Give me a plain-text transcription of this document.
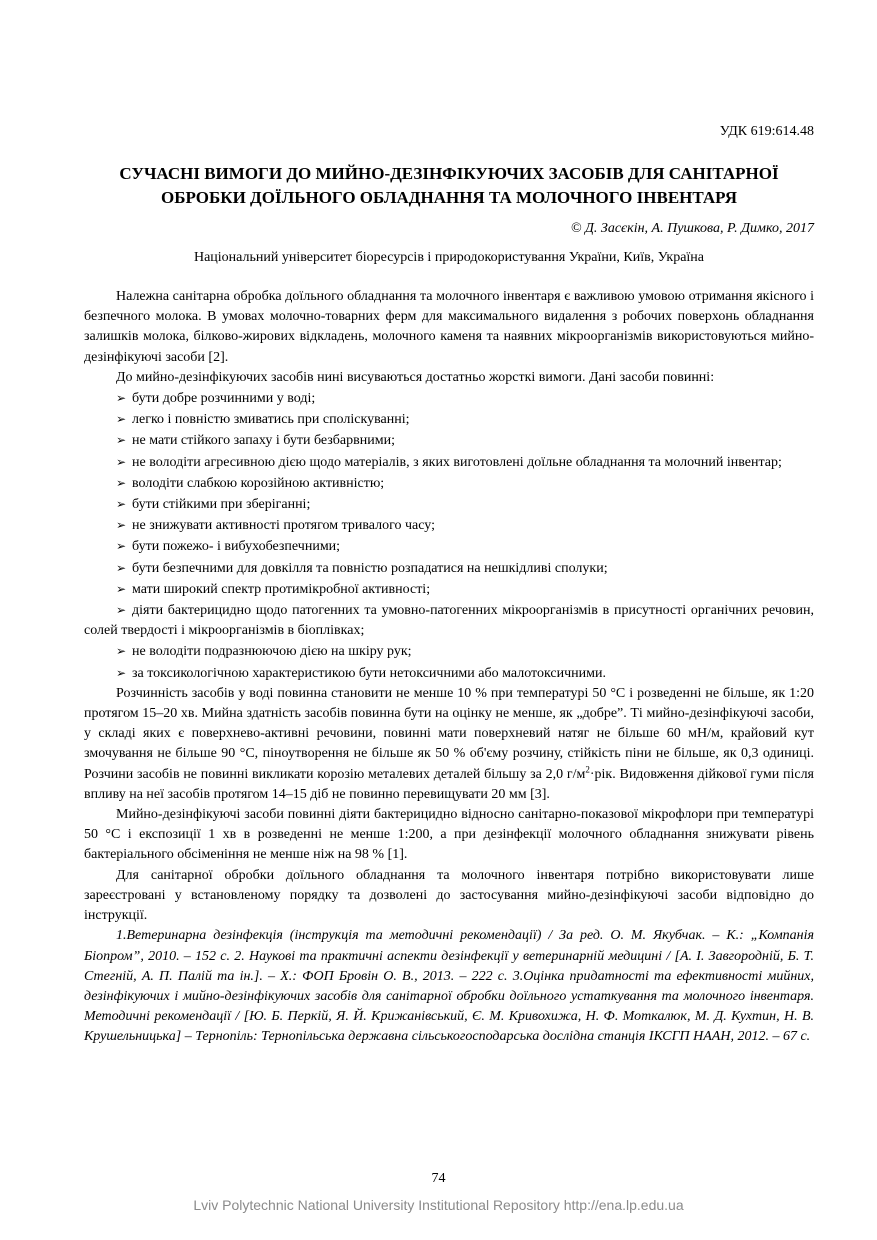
УДК 619:614.48
СУЧАСНІ ВИМОГИ ДО МИЙНО-ДЕЗІНФІКУЮЧИХ ЗАСОБІВ ДЛЯ САНІТАРНОЇ
ОБРОБКИ ДОЇЛЬНОГО ОБЛАДНАННЯ ТА МОЛОЧНОГО ІНВЕНТАРЯ
© Д. Засєкін, А. Пушкова, Р. Димко, 2017
Національний університет біоресурсів і природокористування України, Київ, Україна

Належна санітарна обробка доїльного обладнання та молочного інвентаря є важливою умовою отримання якісного і безпечного молока. В умовах молочно-товарних ферм для максимального видалення з робочих поверхонь обладнання залишків молока, білково-жирових відкладень, молочного каменя та наявних мікроорганізмів використовуються мийно-дезінфікуючі засоби [2].

До мийно-дезінфікуючих засобів нині висуваються достатньо жорсткі вимоги. Дані засоби повинні:

➢ бути добре розчинними у воді;
➢ легко і повністю змиватись при споліскуванні;
➢ не мати стійкого запаху і бути безбарвними;
➢ не володіти агресивною дією щодо матеріалів, з яких виготовлені доїльне обладнання та молочний інвентар;
➢ володіти слабкою корозійною активністю;
➢ бути стійкими при зберіганні;
➢ не знижувати активності протягом тривалого часу;
➢ бути пожежо- і вибухобезпечними;
➢ бути безпечними для довкілля та повністю розпадатися на нешкідливі сполуки;
➢ мати широкий спектр протимікробної активності;
➢ діяти бактерицидно щодо патогенних та умовно-патогенних мікроорганізмів в присутності органічних речовин, солей твердості і мікроорганізмів в біоплівках;
➢ не володіти подразнюючою дією на шкіру рук;
➢ за токсикологічною характеристикою бути нетоксичними або малотоксичними.

Розчинність засобів у воді повинна становити не менше 10 % при температурі 50 °С і розведенні не більше, як 1:20 протягом 15–20 хв. Мийна здатність засобів повинна бути на оцінку не менше, як „добре”. Ті мийно-дезінфікуючі засоби, у складі яких є поверхнево-активні речовини, повинні мати поверхневий натяг не більше 60 мН/м, крайовий кут змочування не більше 90 °С, піноутворення не більше як 50 % об'єму розчину, стійкість піни не більше, як 0,3 одиниці. Розчини засобів не повинні викликати корозію металевих деталей більшу за 2,0 $г/м^2\cdot рік$. Видовження дійкової гуми після впливу на неї засобів протягом 14–15 діб не повинно перевищувати 20 мм [3].

Мийно-дезінфікуючі засоби повинні діяти бактерицидно відносно санітарно-показової мікрофлори при температурі 50 °С і експозиції 1 хв в розведенні не менше 1:200, а при дезінфекції молочного обладнання знижувати рівень бактеріального обсіменіння не менше ніж на 98 % [1].

Для санітарної обробки доїльного обладнання та молочного інвентаря потрібно використовувати лише зареєстровані у встановленому порядку та дозволені до застосування мийно-дезінфікуючі засоби відповідно до інструкції.

1.Ветеринарна дезінфекція (інструкція та методичні рекомендації) / За ред. О. М. Якубчак. – К.: „Компанія Біопром”, 2010. – 152 с. 2. Наукові та практичні аспекти дезінфекції у ветеринарній медицині / [А. І. Завгородній, Б. Т. Стегній, А. П. Палій та ін.]. – Х.: ФОП Бровін О. В., 2013. – 222 с. 3.Оцінка придатності та ефективності мийних, дезінфікуючих і мийно-дезінфікуючих засобів для санітарної обробки доїльного устаткування та молочного інвентаря. Методичні рекомендації / [Ю. Б. Перкій, Я. Й. Крижанівський, Є. М. Кривохижа, Н. Ф. Моткалюк, М. Д. Кухтин, Н. В. Крушельницька] – Тернопіль: Тернопільська державна сільськогосподарська дослідна станція ІКСГП НААН, 2012. – 67 с.

74
Lviv Polytechnic National University Institutional Repository http://ena.lp.edu.ua
